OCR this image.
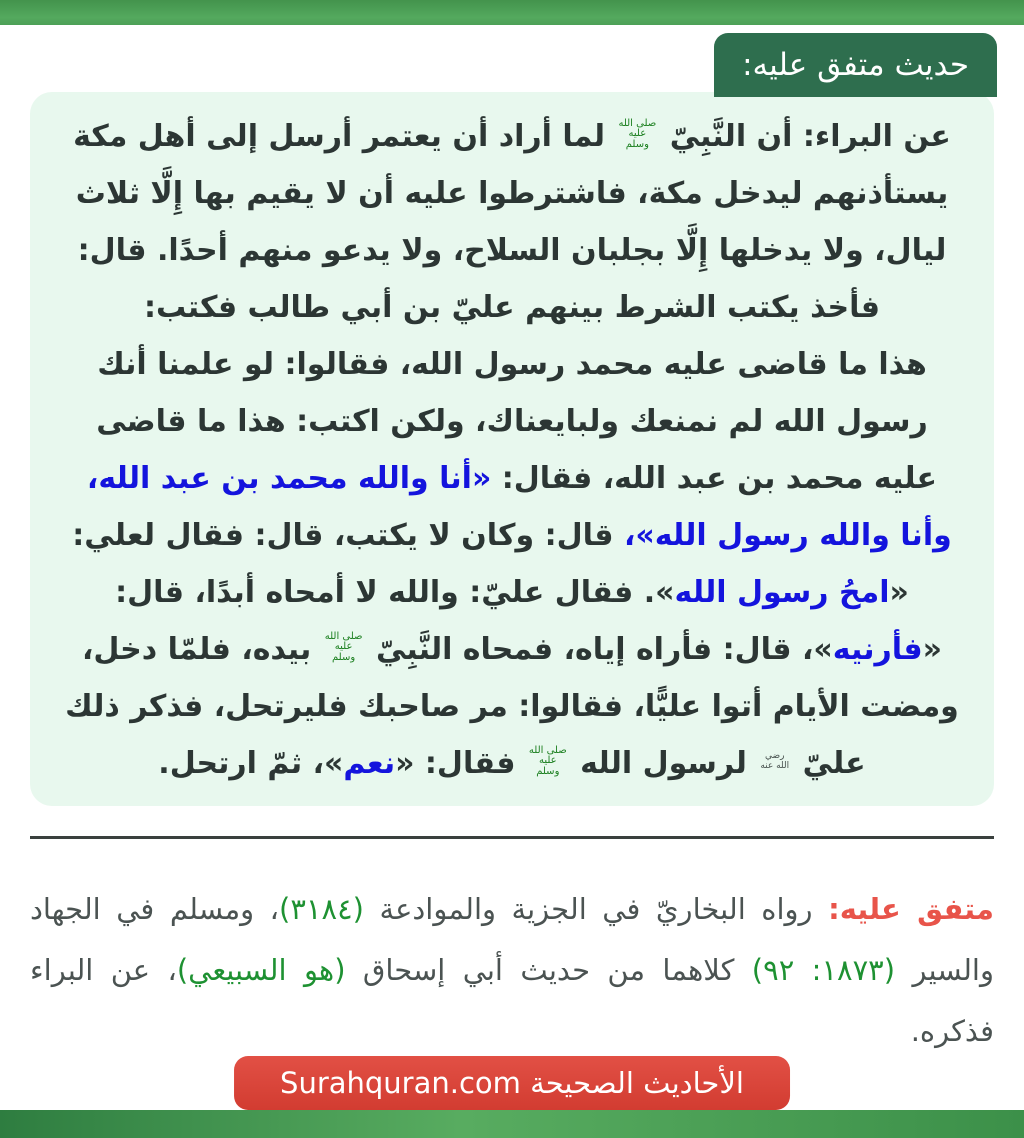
حديث متفق عليه:
عن البراء: أن النَّبِيّ
صلى الله
عليه
وسلم
لما أراد أن يعتمر أرسل إلى أهل مكة
يستأذنهم ليدخل مكة، فاشترطوا عليه أن لا يقيم بها إِلَّا ثلاث
ليال، ولا يدخلها إِلَّا بجلبان السلاح، ولا يدعو منهم أحدًا. قال:
فأخذ يكتب الشرط بينهم عليّ بن أبي طالب فكتب:
هذا ما قاضى عليه محمد رسول الله، فقالوا: لو علمنا أنك
رسول الله لم نمنعك ولبايعناك، ولكن اكتب: هذا ما قاضى
عليه محمد بن عبد الله، فقال: «أنا والله محمد بن عبد الله،
وأنا والله رسول الله»، قال: وكان لا يكتب، قال: فقال لعلي:
«امحُ رسول الله». فقال عليّ: والله لا أمحاه أبدًا، قال:
«فأرنيه»، قال: فأراه إياه، فمحاه النَّبِيّ
صلى الله
عليه
وسلم
بيده، فلمّا دخل،
ومضت الأيام أتوا عليًّا، فقالوا: مر صاحبك فليرتحل، فذكر ذلك
عليّ
رضي
الله عنه
لرسول الله
صلى الله
عليه
وسلم
فقال: «نعم»، ثمّ ارتحل.

متفق عليه: رواه البخاريّ في الجزية والموادعة (٣١٨٤)، ومسلم في الجهاد والسير (١٨٧٣: ٩٢) كلاهما من حديث أبي إسحاق (هو السبيعي)، عن البراء فذكره.

الأحاديث الصحيحة Surahquran.com
